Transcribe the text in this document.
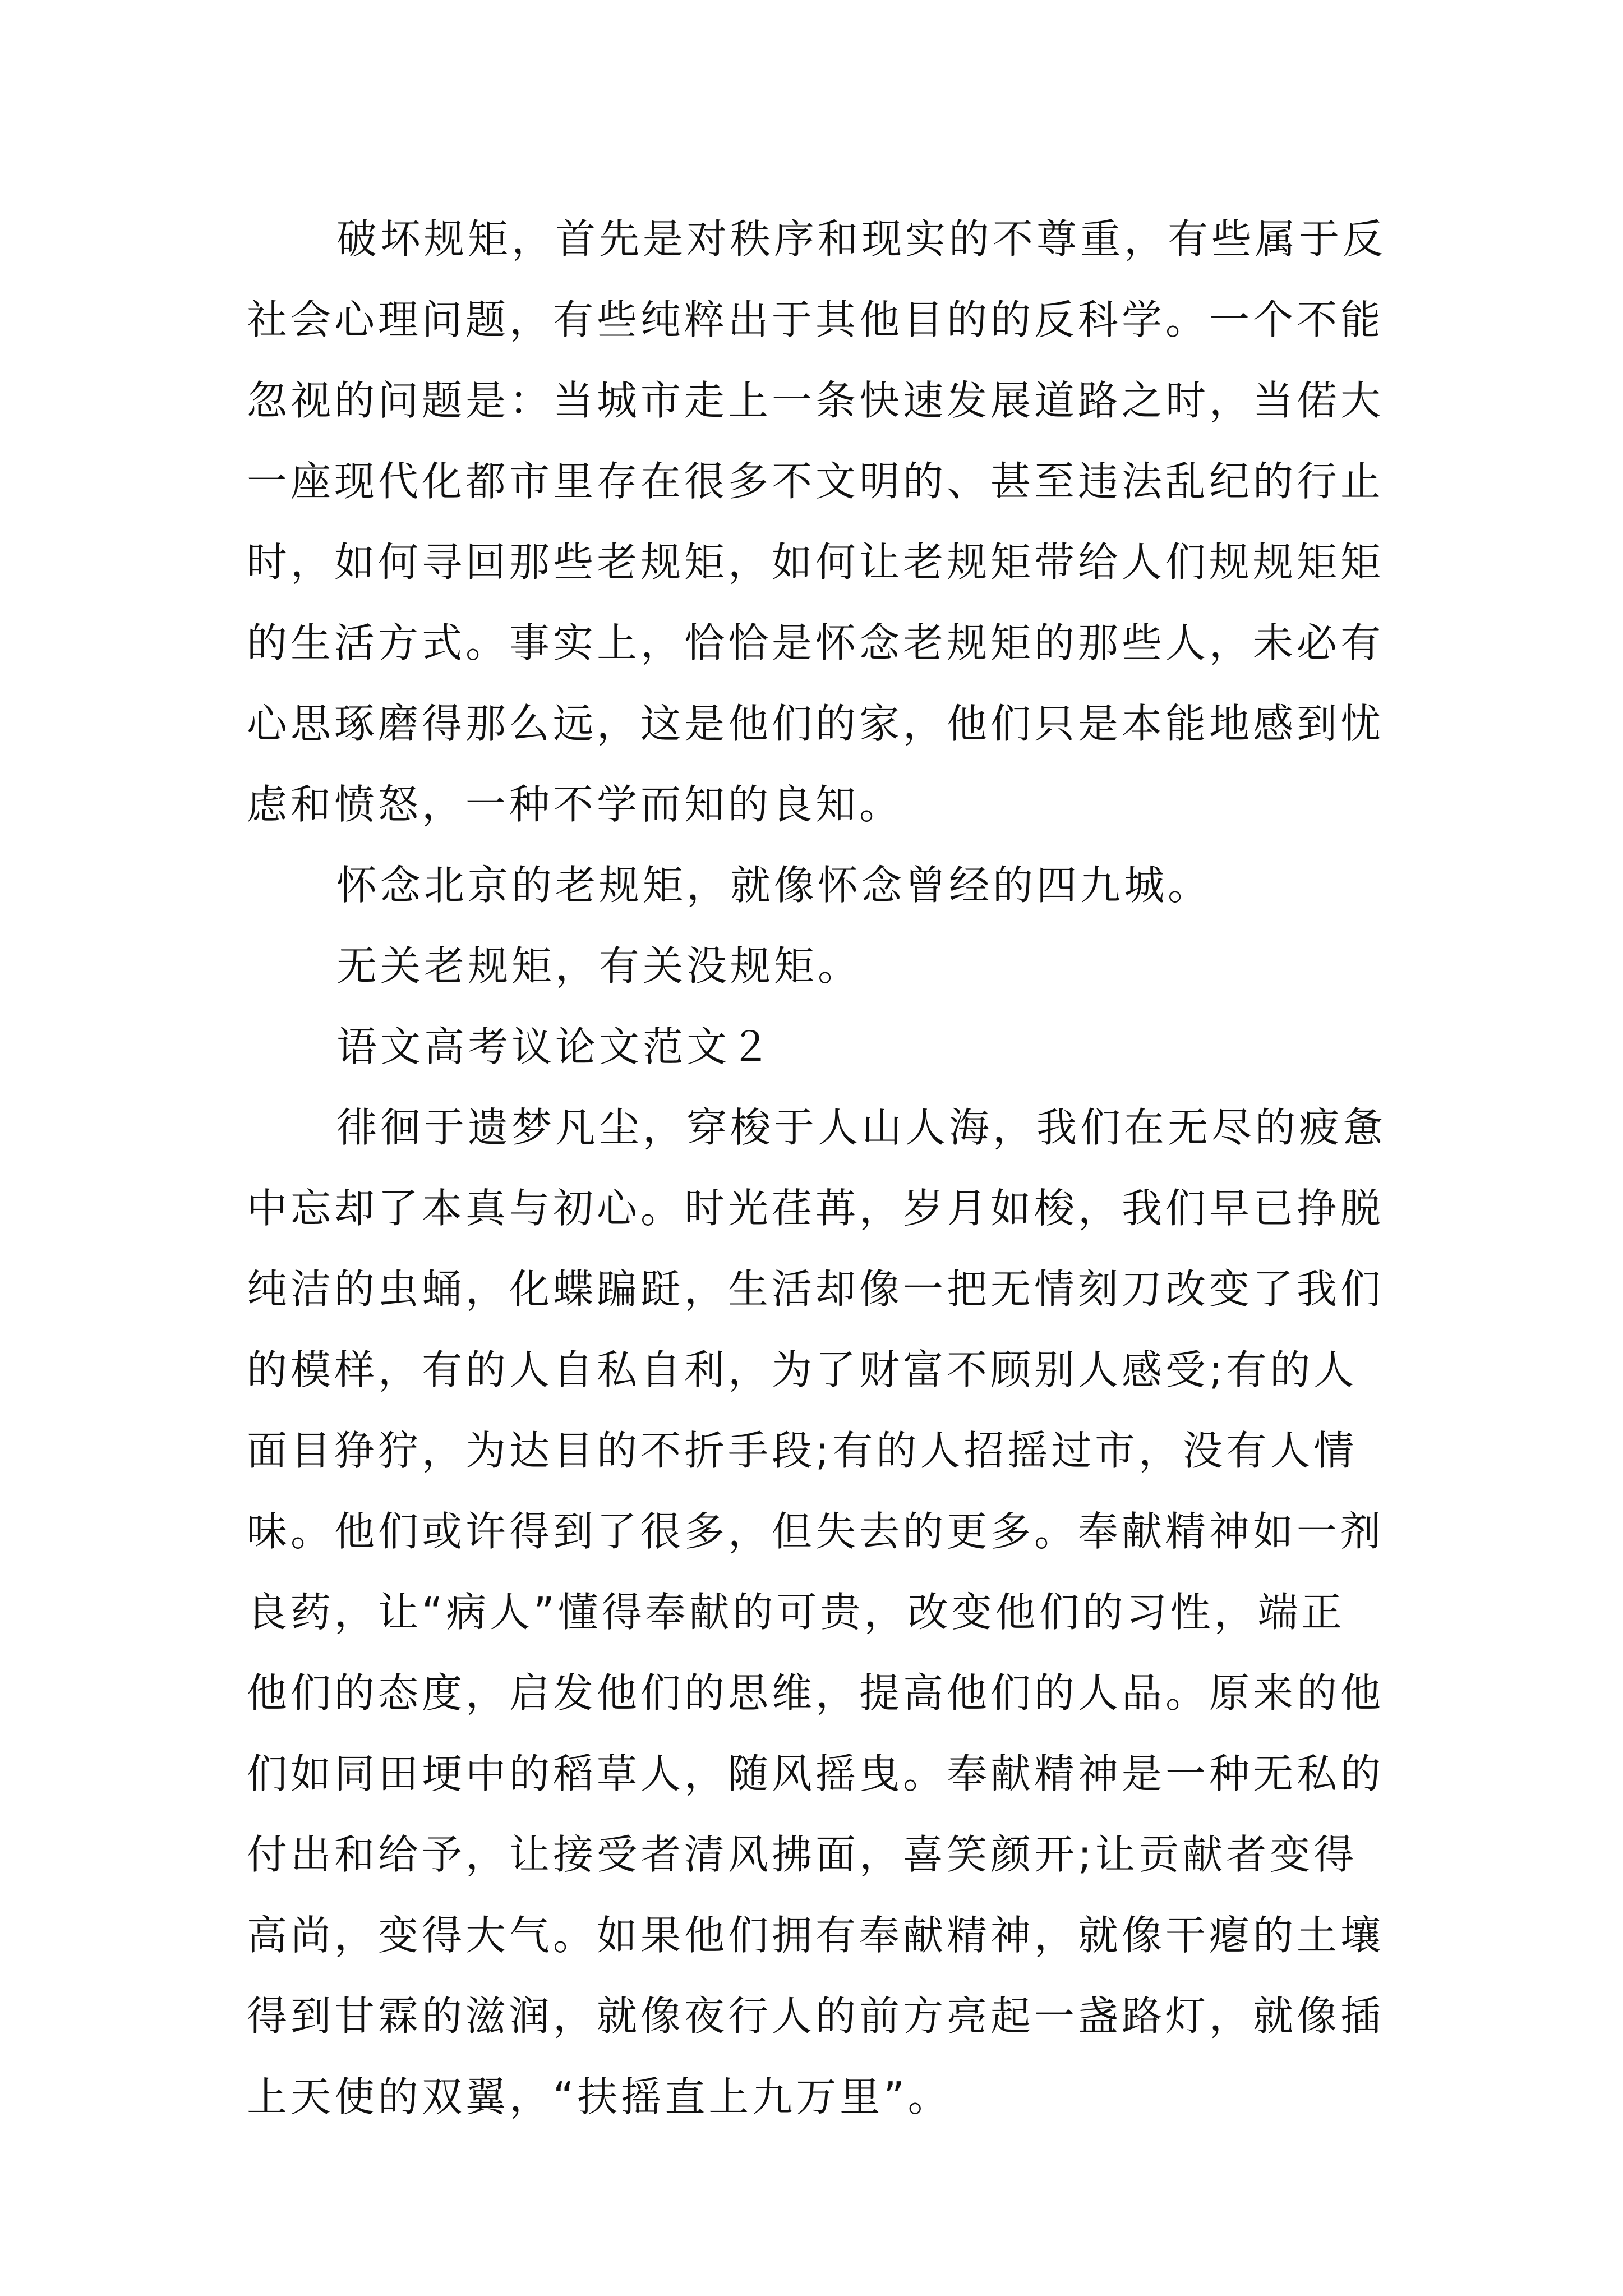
破坏规矩，首先是对秩序和现实的不尊重，有些属于反
社会心理问题，有些纯粹出于其他目的的反科学。一个不能
忽视的问题是：当城市走上一条快速发展道路之时，当偌大
一座现代化都市里存在很多不文明的、甚至违法乱纪的行止
时，如何寻回那些老规矩，如何让老规矩带给人们规规矩矩
的生活方式。事实上，恰恰是怀念老规矩的那些人，未必有
心思琢磨得那么远，这是他们的家，他们只是本能地感到忧
虑和愤怒，一种不学而知的良知。
怀念北京的老规矩，就像怀念曾经的四九城。
无关老规矩，有关没规矩。
语文高考议论文范文２
徘徊于遗梦凡尘，穿梭于人山人海，我们在无尽的疲惫
中忘却了本真与初心。时光荏苒，岁月如梭，我们早已挣脱
纯洁的虫蛹，化蝶蹁跹，生活却像一把无情刻刀改变了我们
的模样，有的人自私自利，为了财富不顾别人感受;有的人
面目狰狞，为达目的不折手段;有的人招摇过市，没有人情
味。他们或许得到了很多，但失去的更多。奉献精神如一剂
良药，让“病人”懂得奉献的可贵，改变他们的习性，端正
他们的态度，启发他们的思维，提高他们的人品。原来的他
们如同田埂中的稻草人，随风摇曳。奉献精神是一种无私的
付出和给予，让接受者清风拂面，喜笑颜开;让贡献者变得
高尚，变得大气。如果他们拥有奉献精神，就像干瘪的土壤
得到甘霖的滋润，就像夜行人的前方亮起一盏路灯，就像插
上天使的双翼，“扶摇直上九万里”。
